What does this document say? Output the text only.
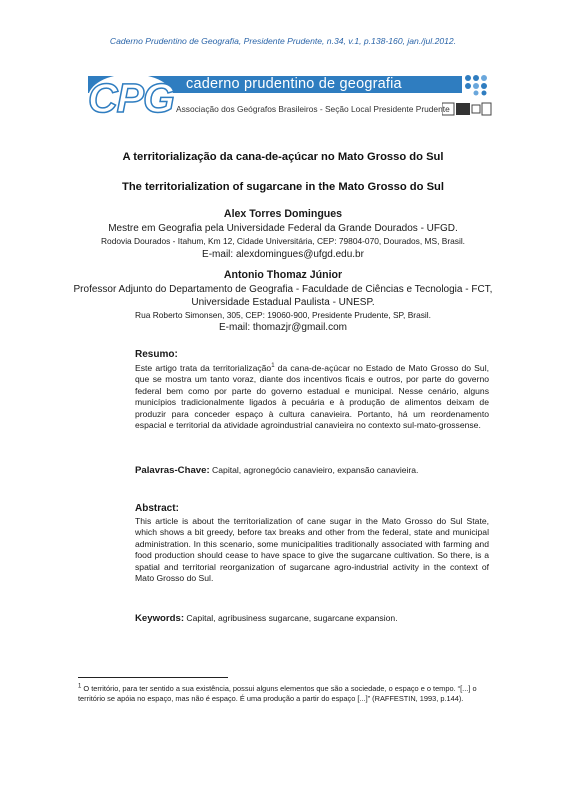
Caderno Prudentino de Geografia, Presidente Prudente, n.34, v.1, p.138-160, jan./jul.2012.
CPG caderno prudentino de geografia
Associação dos Geógrafos Brasileiros - Seção Local Presidente Prudente
A territorialização da cana-de-açúcar no Mato Grosso do Sul
The territorialization of sugarcane in the Mato Grosso do Sul
Alex Torres Domingues
Mestre em Geografia pela Universidade Federal da Grande Dourados - UFGD.
Rodovia Dourados - Itahum, Km 12, Cidade Universitária, CEP: 79804-070, Dourados, MS, Brasil.
E-mail: alexdomingues@ufgd.edu.br
Antonio Thomaz Júnior
Professor Adjunto do Departamento de Geografia - Faculdade de Ciências e Tecnologia - FCT, Universidade Estadual Paulista - UNESP.
Rua Roberto Simonsen, 305, CEP: 19060-900, Presidente Prudente, SP, Brasil.
E-mail: thomazjr@gmail.com
Resumo:

Este artigo trata da territorialização$^1$ da cana-de-açúcar no Estado de Mato Grosso do Sul, que se mostra um tanto voraz, diante dos incentivos ficais e outros, por parte do governo federal bem como por parte do governo estadual e municipal. Nesse cenário, alguns municípios tradicionalmente ligados à pecuária e à produção de alimentos deixam de produzir para conceder espaço à cultura canavieira. Portanto, há um reordenamento espacial e territorial da atividade agroindustrial canavieira no contexto sul-mato-grossense.

Palavras-Chave: Capital, agronegócio canavieiro, expansão canavieira.
Abstract:

This article is about the territorialization of cane sugar in the Mato Grosso do Sul State, which shows a bit greedy, before tax breaks and other from the federal, state and municipal administration. In this scenario, some municipalities traditionally associated with farming and food production should cease to have space to give the sugarcane cultivation. So there, is a spatial and territorial reorganization of sugarcane agro-industrial activity in the context of Mato Grosso do Sul.

Keywords: Capital, agribusiness sugarcane, sugarcane expansion.

$^1$ O território, para ter sentido a sua existência, possui alguns elementos que são a sociedade, o espaço e o tempo. “[...] o território se apóia no espaço, mas não é espaço. É uma produção a partir do espaço [...]” (RAFFESTIN, 1993, p.144).
